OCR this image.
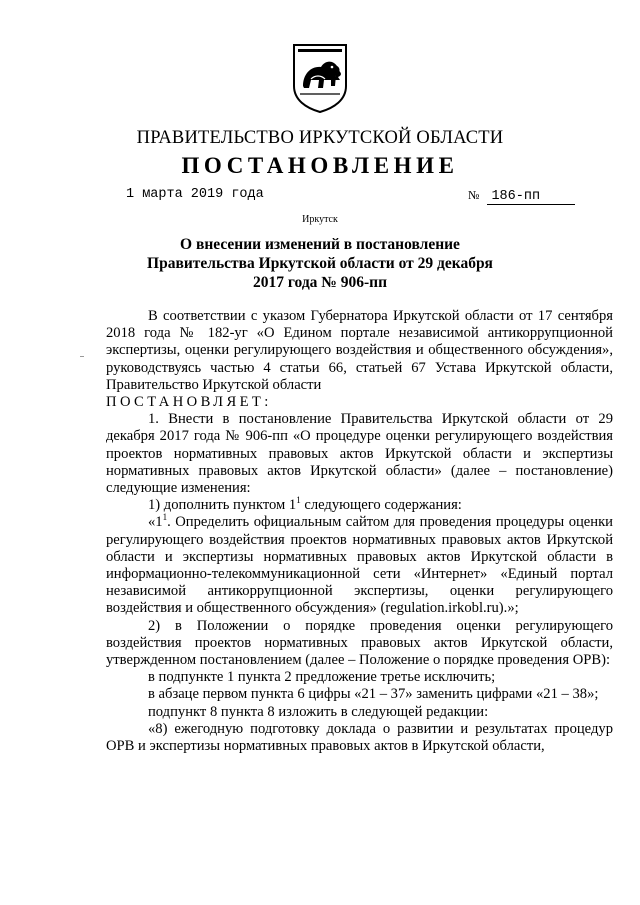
ПРАВИТЕЛЬСТВО ИРКУТСКОЙ ОБЛАСТИ
ПОСТАНОВЛЕНИЕ
1 марта 2019 года	№ 186-пп
Иркутск
О внесении изменений в постановление Правительства Иркутской области от 29 декабря 2017 года № 906-пп

В соответствии с указом Губернатора Иркутской области от 17 сентября 2018 года № 182-уг «О Едином портале независимой антикоррупционной экспертизы, оценки регулирующего воздействия и общественного обсуждения», руководствуясь частью 4 статьи 66, статьей 67 Устава Иркутской области, Правительство Иркутской области

ПОСТАНОВЛЯЕТ:

1. Внести в постановление Правительства Иркутской области от 29 декабря 2017 года № 906-пп «О процедуре оценки регулирующего воздействия проектов нормативных правовых актов Иркутской области и экспертизы нормативных правовых актов Иркутской области» (далее – постановление) следующие изменения:

1) дополнить пунктом $1^1$ следующего содержания:

«$1^1$. Определить официальным сайтом для проведения процедуры оценки регулирующего воздействия проектов нормативных правовых актов Иркутской области и экспертизы нормативных правовых актов Иркутской области в информационно-телекоммуникационной сети «Интернет» «Единый портал независимой антикоррупционной экспертизы, оценки регулирующего воздействия и общественного обсуждения» (regulation.irkobl.ru).»;

2) в Положении о порядке проведения оценки регулирующего воздействия проектов нормативных правовых актов Иркутской области, утвержденном постановлением (далее – Положение о порядке проведения ОРВ):

в подпункте 1 пункта 2 предложение третье исключить;

в абзаце первом пункта 6 цифры «21 – 37» заменить цифрами «21 – 38»;

подпункт 8 пункта 8 изложить в следующей редакции:

«8) ежегодную подготовку доклада о развитии и результатах процедур ОРВ и экспертизы нормативных правовых актов в Иркутской области,
